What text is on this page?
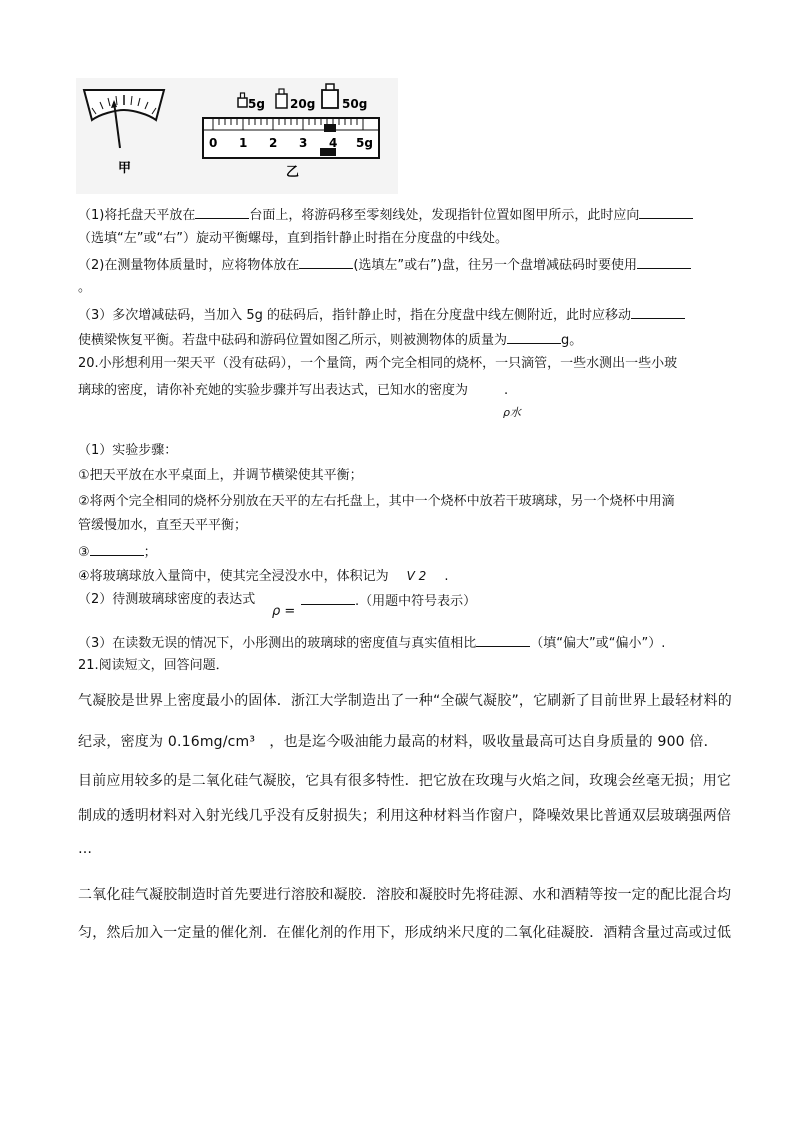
甲
5g 20g 50g
0 1 2 3 4 5g
乙
（1)将托盘天平放在	台面上，将游码移至零刻线处，发现指针位置如图甲所示，此时应向
（选填“左”或“右”）旋动平衡螺母，直到指针静止时指在分度盘的中线处。
（2)在测量物体质量时，应将物体放在	(选填左”或右”)盘，往另一个盘增减砝码时要使用
。
（3）多次增减砝码，当加入 5g 的砝码后，指针静止时，指在分度盘中线左侧附近，此时应移动
使横梁恢复平衡。若盘中砝码和游码位置如图乙所示，则被测物体的质量为	g。
20.小彤想利用一架天平（没有砝码），一个量筒，两个完全相同的烧杯，一只滴管，一些水测出一些小玻
璃球的密度，请你补充她的实验步骤并写出表达式，已知水的密度为	.
ρ水
（1）实验步骤：
①把天平放在水平桌面上，并调节横梁使其平衡；
②将两个完全相同的烧杯分别放在天平的左右托盘上，其中一个烧杯中放若干玻璃球，另一个烧杯中用滴
管缓慢加水，直至天平平衡；
③	；
④将玻璃球放入量筒中，使其完全浸没水中，体积记为 V 2 .
（2）待测玻璃球密度的表达式
ρ =
.（用题中符号表示）
（3）在读数无误的情况下，小彤测出的玻璃球的密度值与真实值相比	（填“偏大”或“偏小”）.
21.阅读短文，回答问题．
气凝胶是世界上密度最小的固体．浙江大学制造出了一种“全碳气凝胶”，它刷新了目前世界上最轻材料的
纪录，密度为 0.16mg/cm³　，也是迄今吸油能力最高的材料，吸收量最高可达自身质量的 900 倍．
目前应用较多的是二氧化硅气凝胶，它具有很多特性．把它放在玫瑰与火焰之间，玫瑰会丝毫无损；用它
制成的透明材料对入射光线几乎没有反射损失；利用这种材料当作窗户，降噪效果比普通双层玻璃强两倍
…
二氧化硅气凝胶制造时首先要进行溶胶和凝胶．溶胶和凝胶时先将硅源、水和酒精等按一定的配比混合均
匀，然后加入一定量的催化剂．在催化剂的作用下，形成纳米尺度的二氧化硅凝胶．酒精含量过高或过低
